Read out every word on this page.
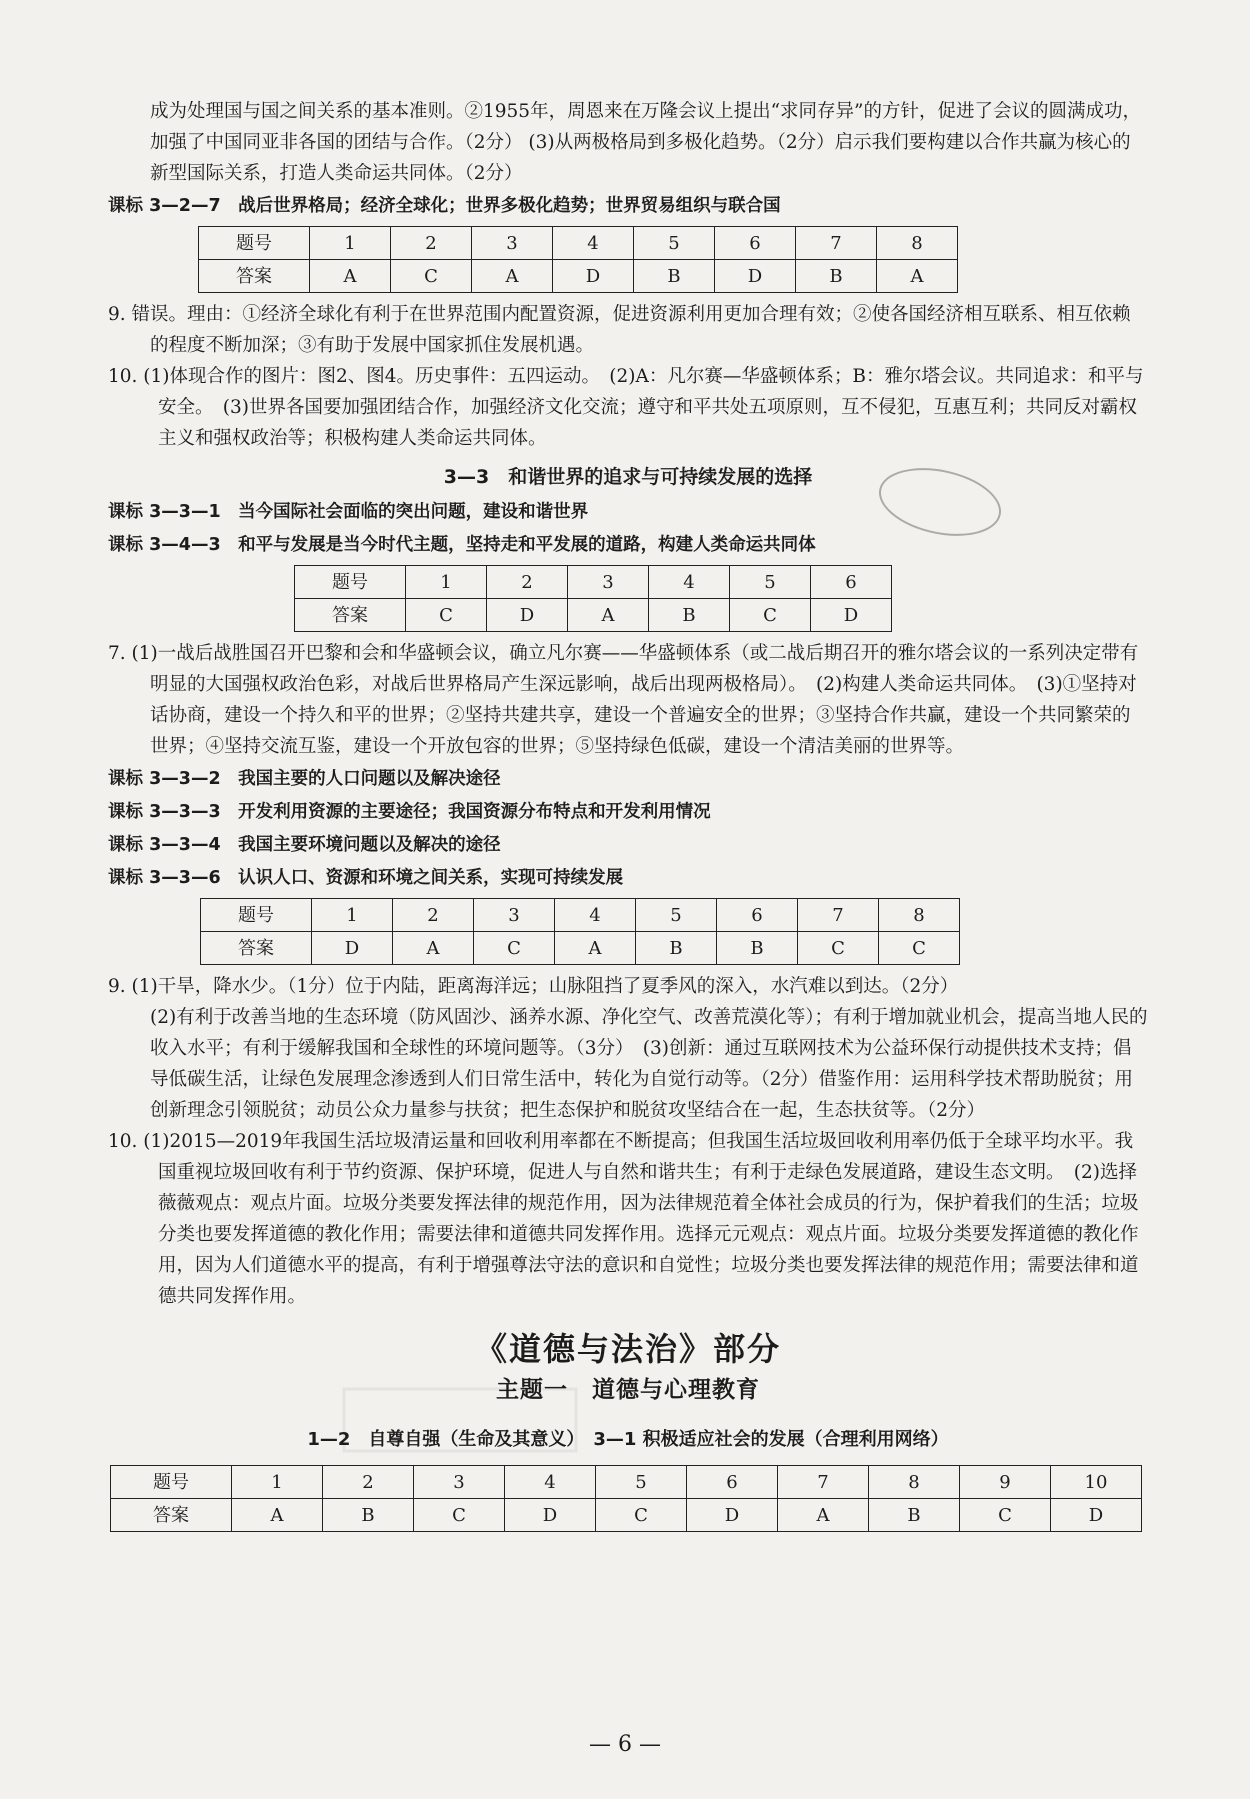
成为处理国与国之间关系的基本准则。②1955年，周恩来在万隆会议上提出“求同存异”的方针，促进了会议的圆满成功，加强了中国同亚非各国的团结与合作。（2分） (3)从两极格局到多极化趋势。（2分）启示我们要构建以合作共赢为核心的新型国际关系，打造人类命运共同体。（2分）

课标 3—2—7　战后世界格局；经济全球化；世界多极化趋势；世界贸易组织与联合国

题号	1	2	3	4	5	6	7	8
答案	A	C	A	D	B	D	B	A

9. 错误。理由：①经济全球化有利于在世界范围内配置资源，促进资源利用更加合理有效；②使各国经济相互联系、相互依赖的程度不断加深；③有助于发展中国家抓住发展机遇。

10. (1)体现合作的图片：图2、图4。历史事件：五四运动。　(2)A：凡尔赛—华盛顿体系；B：雅尔塔会议。共同追求：和平与安全。　(3)世界各国要加强团结合作，加强经济文化交流；遵守和平共处五项原则，互不侵犯，互惠互利；共同反对霸权主义和强权政治等；积极构建人类命运共同体。

3—3　和谐世界的追求与可持续发展的选择

课标 3—3—1　当今国际社会面临的突出问题，建设和谐世界

课标 3—4—3　和平与发展是当今时代主题，坚持走和平发展的道路，构建人类命运共同体

题号	1	2	3	4	5	6
答案	C	D	A	B	C	D

7. (1)一战后战胜国召开巴黎和会和华盛顿会议，确立凡尔赛——华盛顿体系（或二战后期召开的雅尔塔会议的一系列决定带有明显的大国强权政治色彩，对战后世界格局产生深远影响，战后出现两极格局）。　(2)构建人类命运共同体。　(3)①坚持对话协商，建设一个持久和平的世界；②坚持共建共享，建设一个普遍安全的世界；③坚持合作共赢，建设一个共同繁荣的世界；④坚持交流互鉴，建设一个开放包容的世界；⑤坚持绿色低碳，建设一个清洁美丽的世界等。

课标 3—3—2　我国主要的人口问题以及解决途径

课标 3—3—3　开发利用资源的主要途径；我国资源分布特点和开发利用情况

课标 3—3—4　我国主要环境问题以及解决的途径

课标 3—3—6　认识人口、资源和环境之间关系，实现可持续发展

题号	1	2	3	4	5	6	7	8
答案	D	A	C	A	B	B	C	C

9. (1)干旱，降水少。（1分）位于内陆，距离海洋远；山脉阻挡了夏季风的深入，水汽难以到达。（2分）

(2)有利于改善当地的生态环境（防风固沙、涵养水源、净化空气、改善荒漠化等）；有利于增加就业机会，提高当地人民的收入水平；有利于缓解我国和全球性的环境问题等。（3分）　(3)创新：通过互联网技术为公益环保行动提供技术支持；倡导低碳生活，让绿色发展理念渗透到人们日常生活中，转化为自觉行动等。（2分）借鉴作用：运用科学技术帮助脱贫；用创新理念引领脱贫；动员公众力量参与扶贫；把生态保护和脱贫攻坚结合在一起，生态扶贫等。（2分）

10. (1)2015—2019年我国生活垃圾清运量和回收利用率都在不断提高；但我国生活垃圾回收利用率仍低于全球平均水平。我国重视垃圾回收有利于节约资源、保护环境，促进人与自然和谐共生；有利于走绿色发展道路，建设生态文明。　(2)选择薇薇观点：观点片面。垃圾分类要发挥法律的规范作用，因为法律规范着全体社会成员的行为，保护着我们的生活；垃圾分类也要发挥道德的教化作用；需要法律和道德共同发挥作用。选择元元观点：观点片面。垃圾分类要发挥道德的教化作用，因为人们道德水平的提高，有利于增强尊法守法的意识和自觉性；垃圾分类也要发挥法律的规范作用；需要法律和道德共同发挥作用。

《道德与法治》部分

主题一　道德与心理教育

1—2　自尊自强（生命及其意义）　3—1 积极适应社会的发展（合理利用网络）

题号	1	2	3	4	5	6	7	8	9	10
答案	A	B	C	D	C	D	A	B	C	D
— 6 —
